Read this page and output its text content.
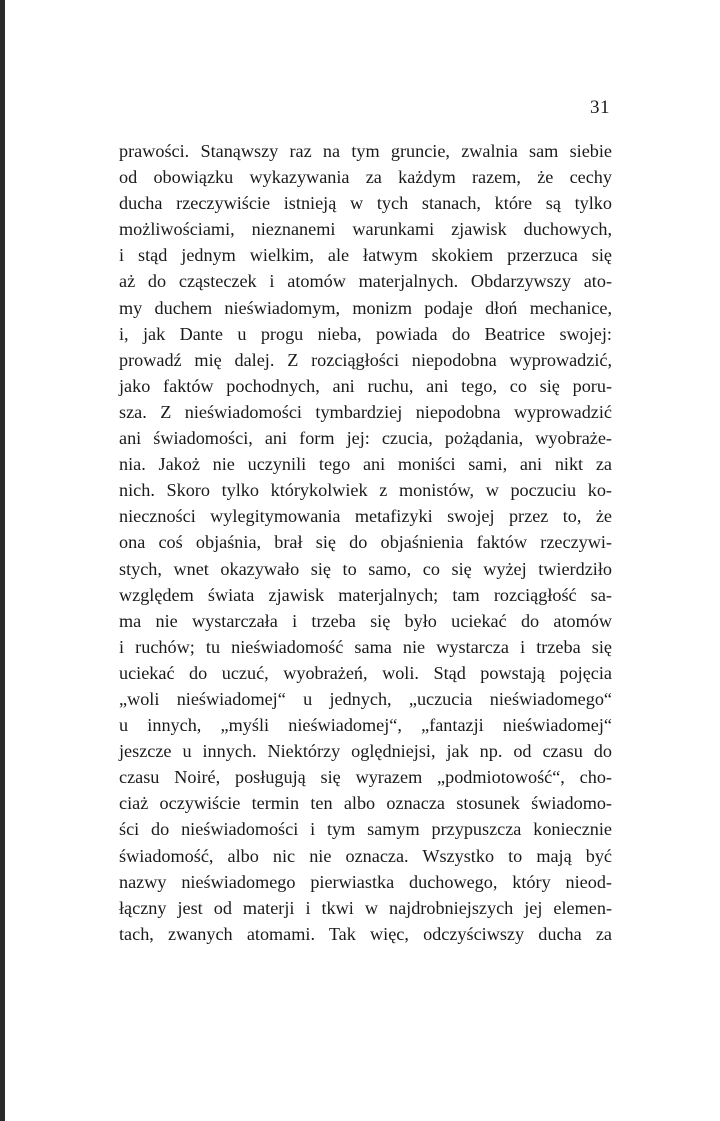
31
prawości. Stanąwszy raz na tym gruncie, zwalnia sam siebie
od obowiązku wykazywania za każdym razem, że cechy
ducha rzeczywiście istnieją w tych stanach, które są tylko
możliwościami, nieznanemi warunkami zjawisk duchowych,
i stąd jednym wielkim, ale łatwym skokiem przerzuca się
aż do cząsteczek i atomów materjalnych. Obdarzywszy ato-
my duchem nieświadomym, monizm podaje dłoń mechanice,
i, jak Dante u progu nieba, powiada do Beatrice swojej:
prowadź mię dalej. Z rozciągłości niepodobna wyprowadzić,
jako faktów pochodnych, ani ruchu, ani tego, co się poru-
sza. Z nieświadomości tymbardziej niepodobna wyprowadzić
ani świadomości, ani form jej: czucia, pożądania, wyobraże-
nia. Jakoż nie uczynili tego ani moniści sami, ani nikt za
nich. Skoro tylko którykolwiek z monistów, w poczuciu ko-
nieczności wylegitymowania metafizyki swojej przez to, że
ona coś objaśnia, brał się do objaśnienia faktów rzeczywi-
stych, wnet okazywało się to samo, co się wyżej twierdziło
względem świata zjawisk materjalnych; tam rozciągłość sa-
ma nie wystarczała i trzeba się było uciekać do atomów
i ruchów; tu nieświadomość sama nie wystarcza i trzeba się
uciekać do uczuć, wyobrażeń, woli. Stąd powstają pojęcia
„woli nieświadomej“ u jednych, „uczucia nieświadomego“
u innych, „myśli nieświadomej“, „fantazji nieświadomej“
jeszcze u innych. Niektórzy oględniejsi, jak np. od czasu do
czasu Noiré, posługują się wyrazem „podmiotowość“, cho-
ciaż oczywiście termin ten albo oznacza stosunek świadomo-
ści do nieświadomości i tym samym przypuszcza koniecznie
świadomość, albo nic nie oznacza. Wszystko to mają być
nazwy nieświadomego pierwiastka duchowego, który nieod-
łączny jest od materji i tkwi w najdrobniejszych jej elemen-
tach, zwanych atomami. Tak więc, odczyściwszy ducha za
